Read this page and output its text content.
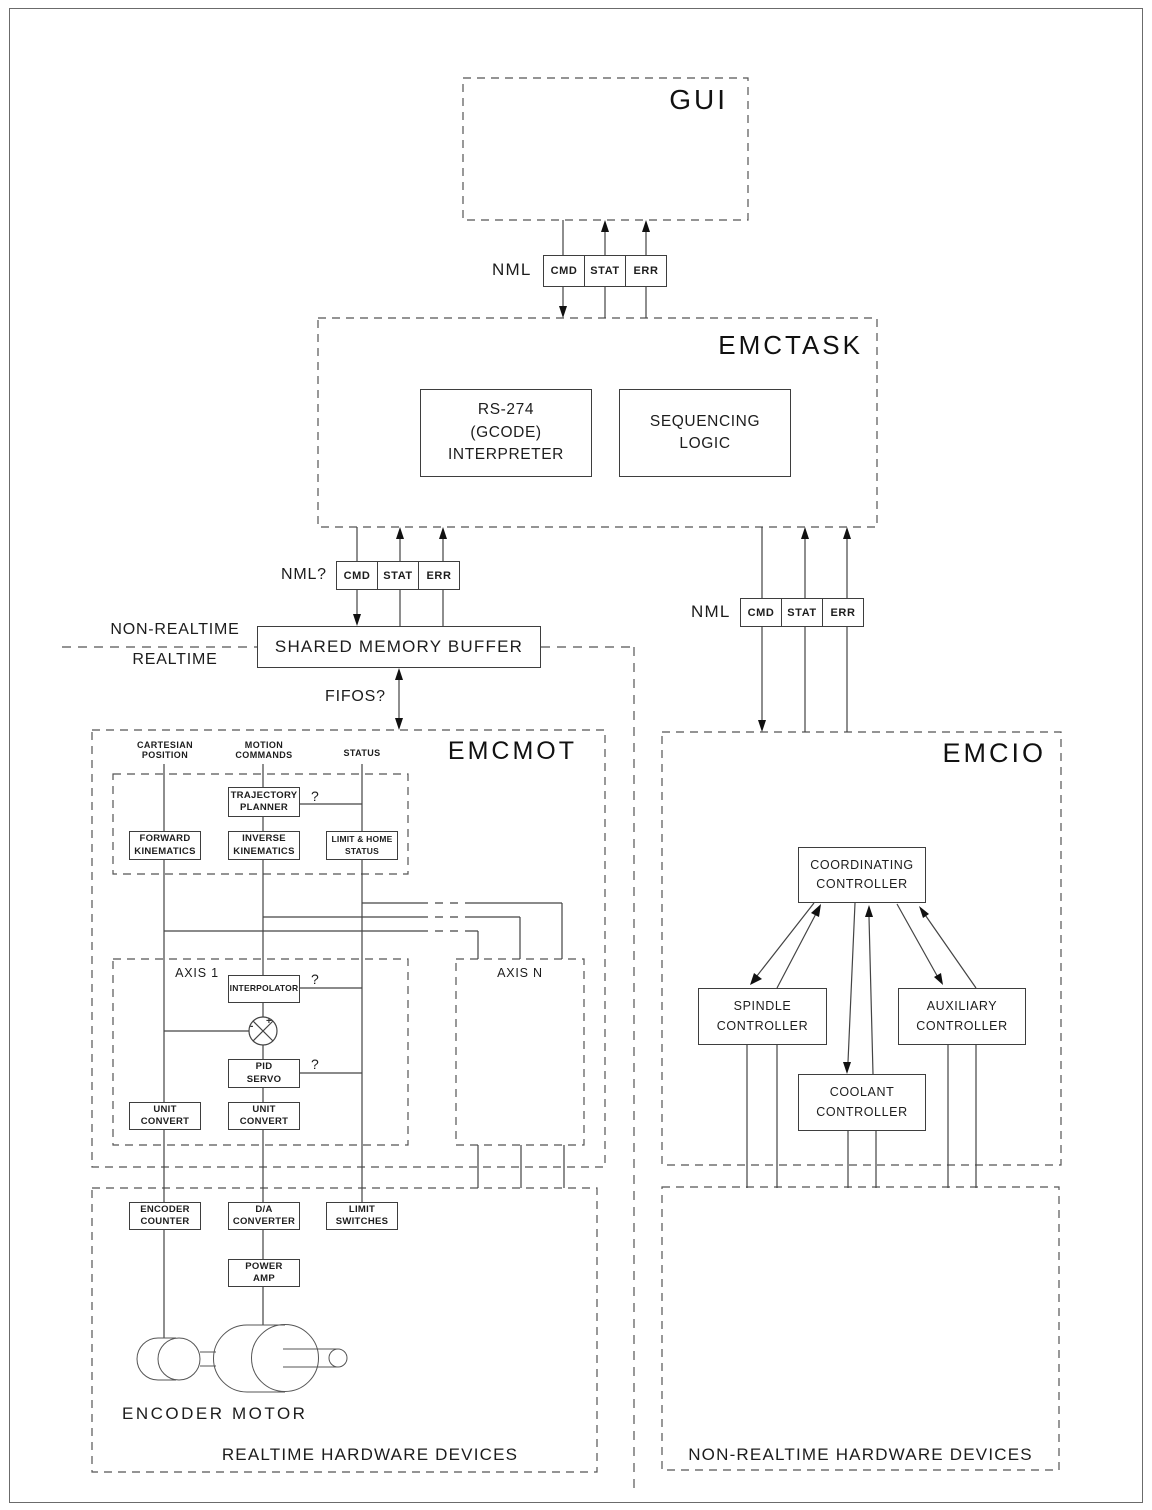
GUI
EMCTASK
EMCMOT	EMCIO
NML	CMD	STAT	ERR
NML?	CMD	STAT	ERR
NML	CMD	STAT	ERR
RS-274
(GCODE)
INTERPRETER
SEQUENCING
LOGIC
SHARED MEMORY BUFFER
NON-REALTIME
REALTIME
FIFOS?
CARTESIAN
POSITION
MOTION
COMMANDS	STATUS
TRAJECTORY
PLANNER
FORWARD
KINEMATICS
INVERSE
KINEMATICS
LIMIT & HOME
STATUS
AXIS 1	AXIS N
INTERPOLATOR
PID
SERVO
UNIT
CONVERT
UNIT
CONVERT
?
?
?
+
-
ENCODER
COUNTER
D/A
CONVERTER
LIMIT
SWITCHES
POWER
AMP
ENCODER MOTOR
REALTIME HARDWARE DEVICES
COORDINATING
CONTROLLER
SPINDLE
CONTROLLER
AUXILIARY
CONTROLLER
COOLANT
CONTROLLER
NON-REALTIME HARDWARE DEVICES
